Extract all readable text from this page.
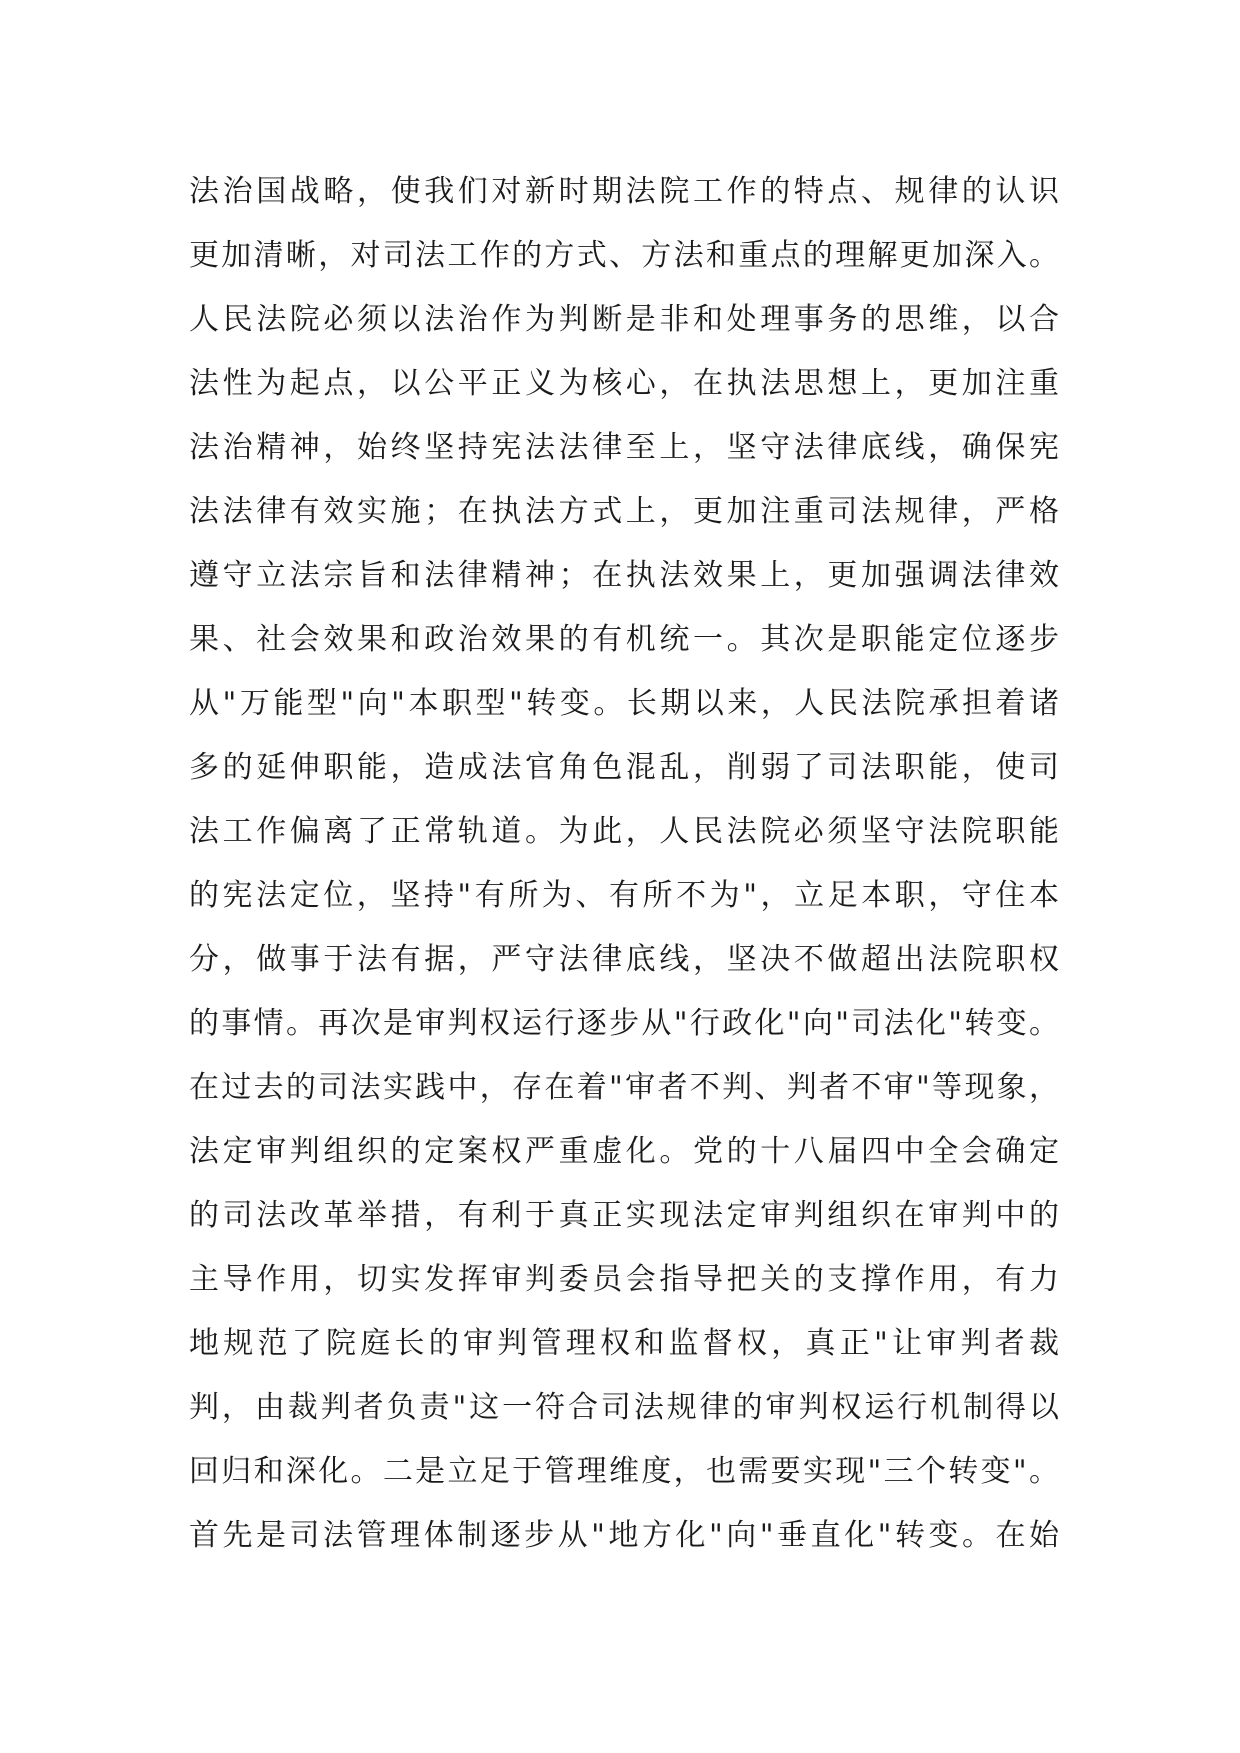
法治国战略，使我们对新时期法院工作的特点、规律的认识
更加清晰，对司法工作的方式、方法和重点的理解更加深入。
人民法院必须以法治作为判断是非和处理事务的思维，以合
法性为起点，以公平正义为核心，在执法思想上，更加注重
法治精神，始终坚持宪法法律至上，坚守法律底线，确保宪
法法律有效实施；在执法方式上，更加注重司法规律，严格
遵守立法宗旨和法律精神；在执法效果上，更加强调法律效
果、社会效果和政治效果的有机统一。其次是职能定位逐步
从"万能型"向"本职型"转变。长期以来，人民法院承担着诸
多的延伸职能，造成法官角色混乱，削弱了司法职能，使司
法工作偏离了正常轨道。为此，人民法院必须坚守法院职能
的宪法定位，坚持"有所为、有所不为"，立足本职，守住本
分，做事于法有据，严守法律底线，坚决不做超出法院职权
的事情。再次是审判权运行逐步从"行政化"向"司法化"转变。
在过去的司法实践中，存在着"审者不判、判者不审"等现象，
法定审判组织的定案权严重虚化。党的十八届四中全会确定
的司法改革举措，有利于真正实现法定审判组织在审判中的
主导作用，切实发挥审判委员会指导把关的支撑作用，有力
地规范了院庭长的审判管理权和监督权，真正"让审判者裁
判，由裁判者负责"这一符合司法规律的审判权运行机制得以
回归和深化。二是立足于管理维度，也需要实现"三个转变"。
首先是司法管理体制逐步从"地方化"向"垂直化"转变。在始
